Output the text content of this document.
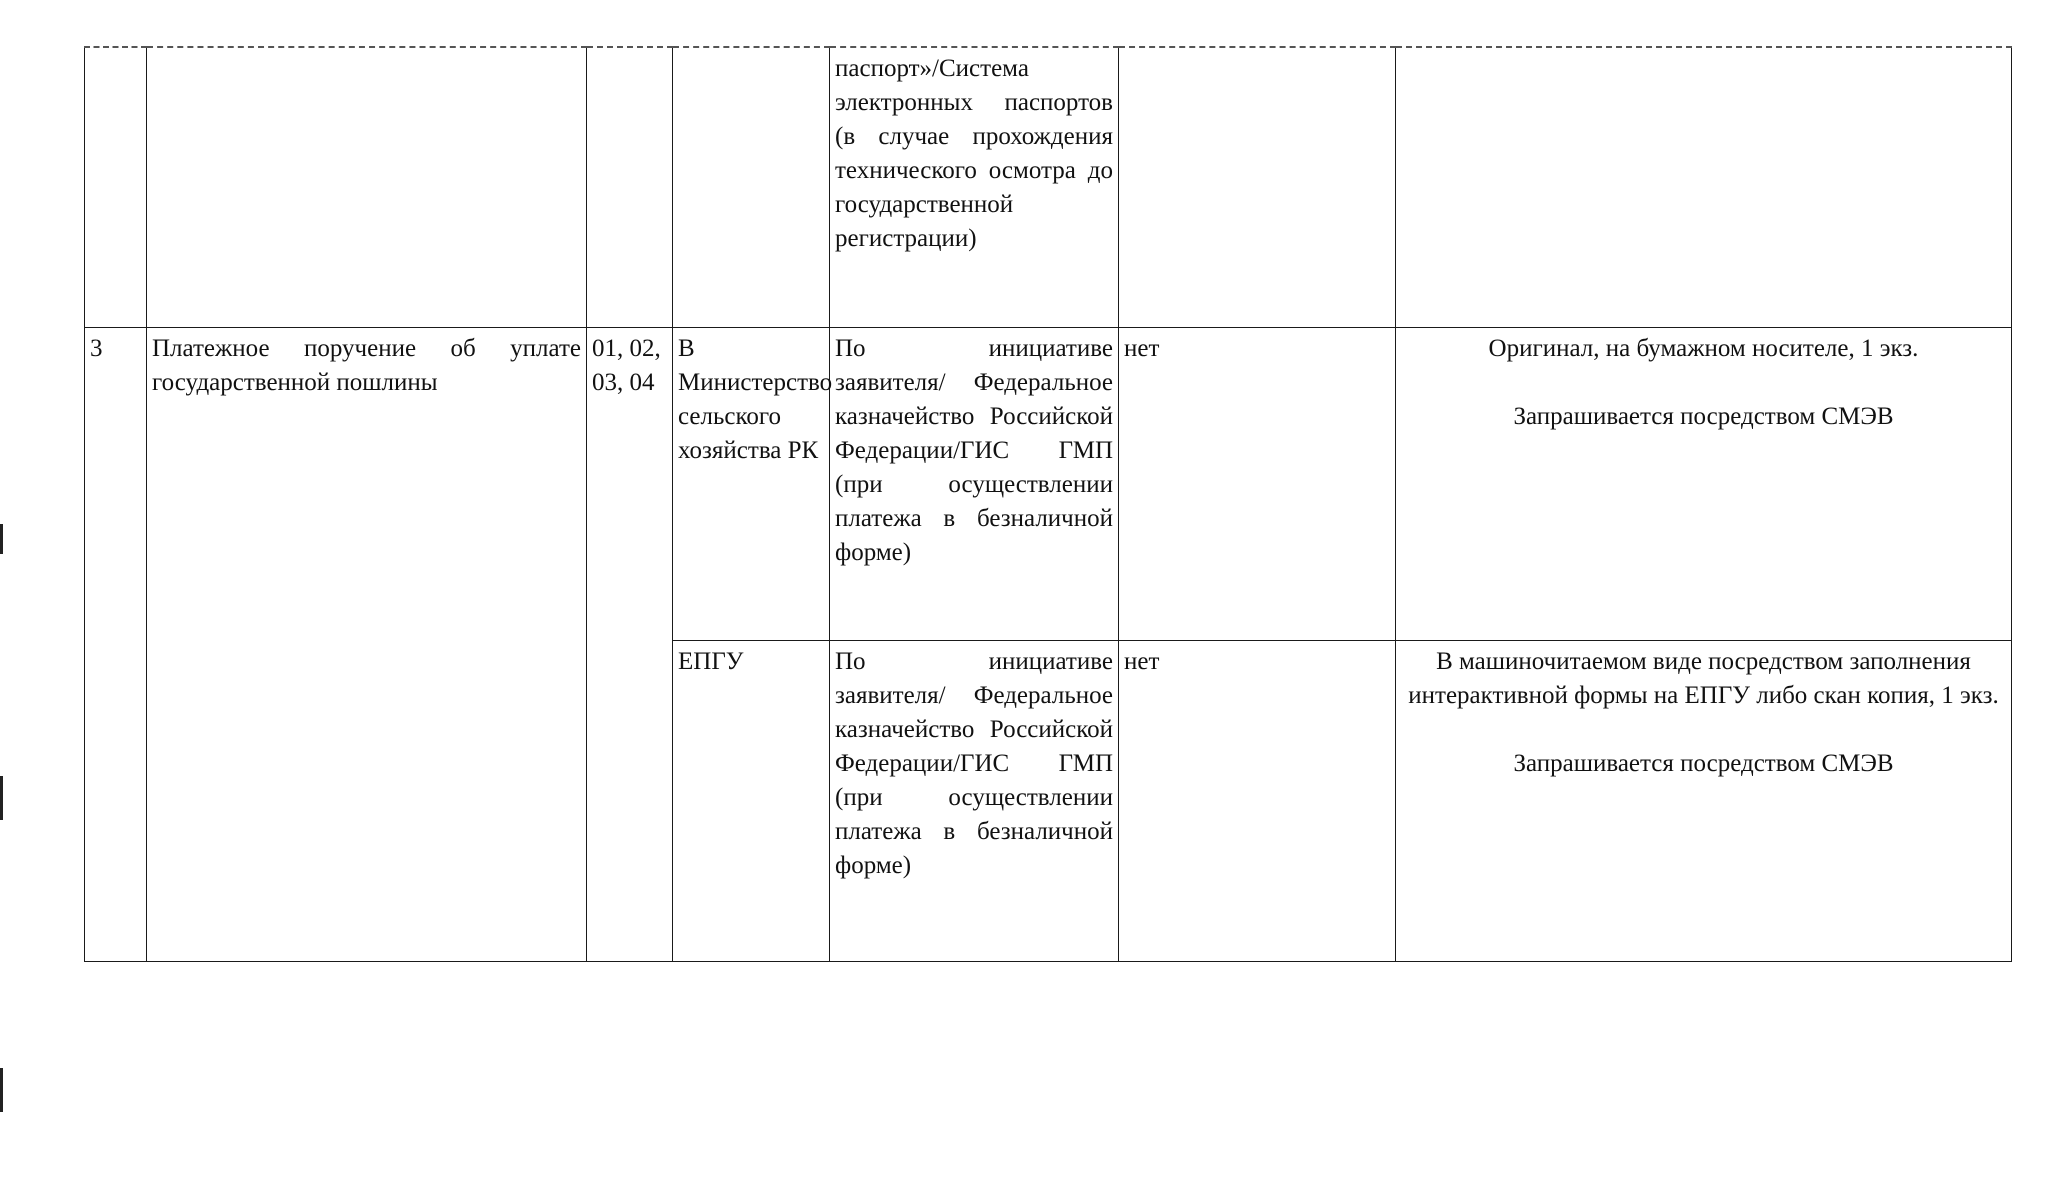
				паспорт»/Система электронных паспортов (в случае прохождения технического осмотра до государственной регистрации)		

3	Платежное поручение об уплате государственной пошлины	01, 02, 03, 04	В Министерство сельского хозяйства РК	По инициативе заявителя/ Федеральное казначейство Российской Федерации/ГИС ГМП (при осуществлении платежа в безналичной форме)	нет	Оригинал, на бумажном носителе, 1 экз.
Запрашивается посредством СМЭВ

			ЕПГУ	По инициативе заявителя/ Федеральное казначейство Российской Федерации/ГИС ГМП (при осуществлении платежа в безналичной форме)	нет	В машиночитаемом виде посредством заполнения интерактивной формы на ЕПГУ либо скан копия, 1 экз.
Запрашивается посредством СМЭВ
